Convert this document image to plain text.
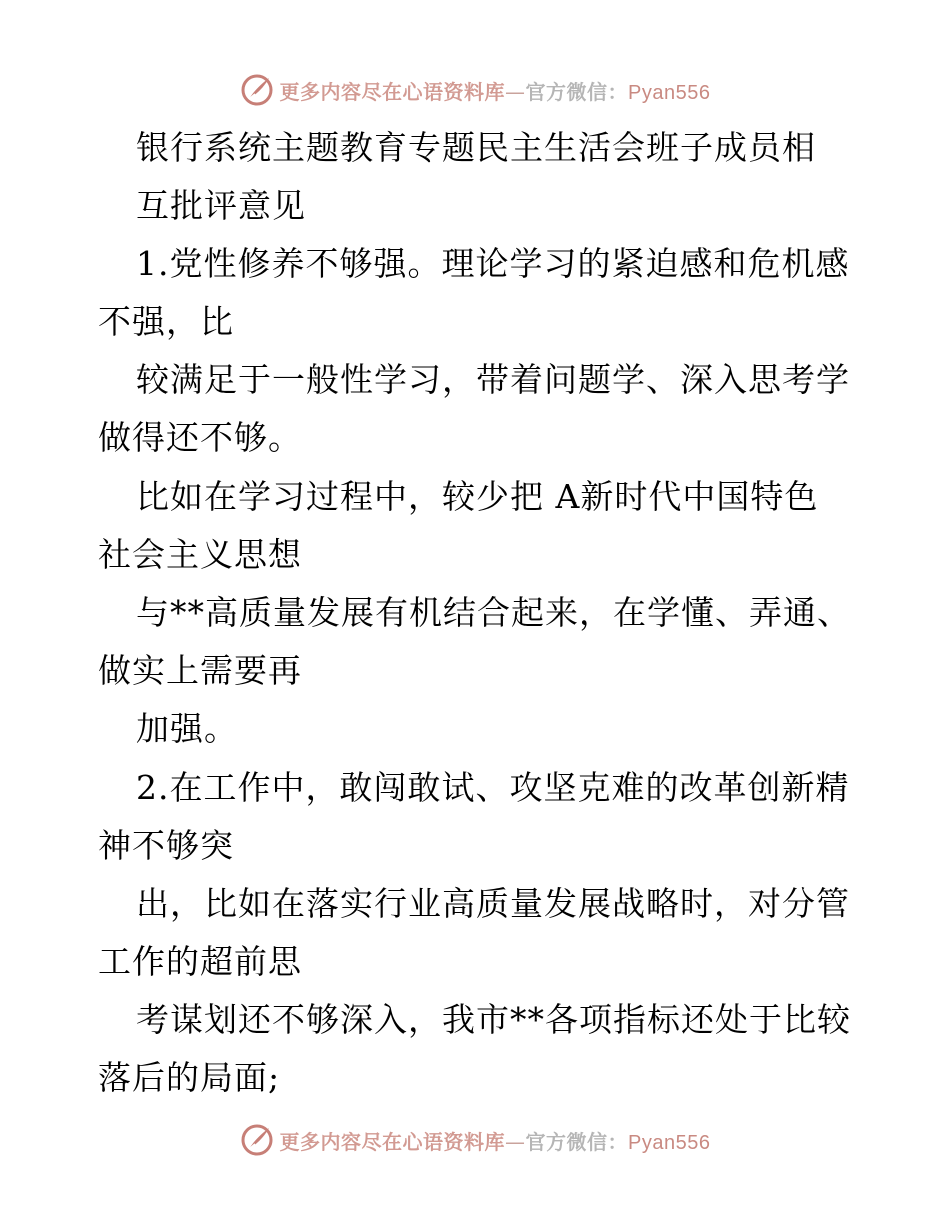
更多内容尽在心语资料库—官方微信：Pyan556
银行系统主题教育专题民主生活会班子成员相
互批评意见
1.党性修养不够强。理论学习的紧迫感和危机感
不强，比
较满足于一般性学习，带着问题学、深入思考学
做得还不够。
比如在学习过程中，较少把 A新时代中国特色
社会主义思想
与**高质量发展有机结合起来，在学懂、弄通、
做实上需要再
加强。
2.在工作中，敢闯敢试、攻坚克难的改革创新精
神不够突
出，比如在落实行业高质量发展战略时，对分管
工作的超前思
考谋划还不够深入，我市**各项指标还处于比较
落后的局面;
更多内容尽在心语资料库—官方微信：Pyan556
